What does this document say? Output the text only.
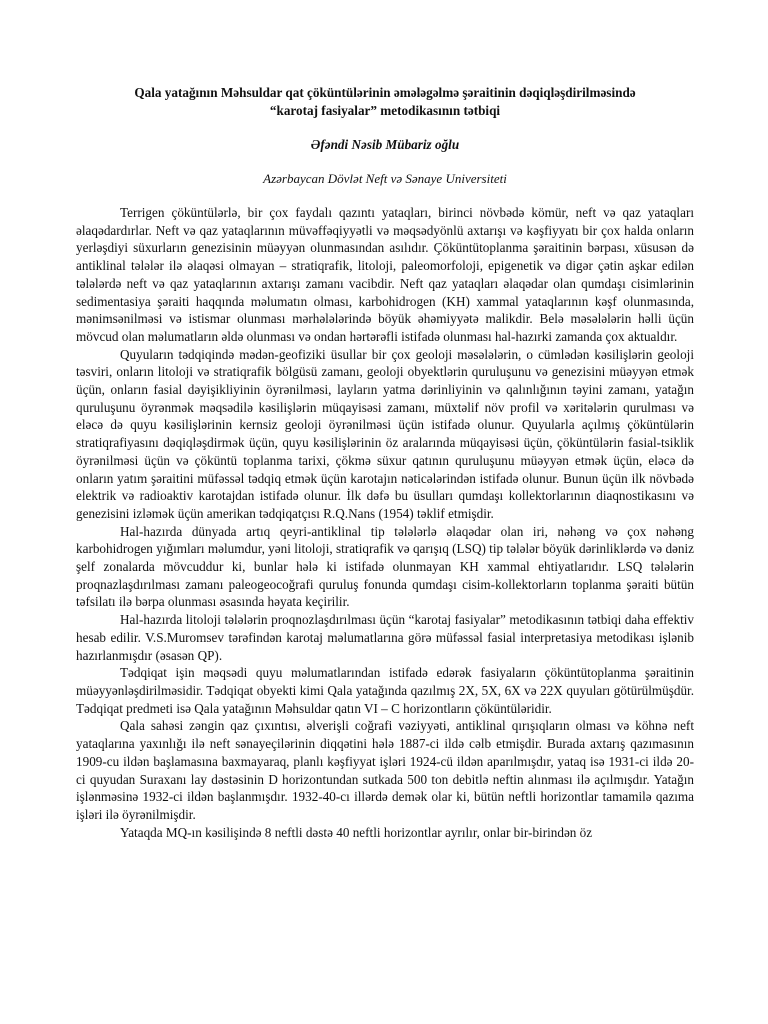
Qala yatağının Məhsuldar qat çöküntülərinin əmələgəlmə şəraitinin dəqiqləşdirilməsində
“karotaj fasiyalar” metodikasının tətbiqi

Əfəndi Nəsib Mübariz oğlu

Azərbaycan Dövlət Neft və Sənaye Universiteti

Terrigen çöküntülərlə, bir çox faydalı qazıntı yataqları, birinci növbədə kömür, neft və qaz yataqları əlaqədardırlar. Neft və qaz yataqlarının müvəffəqiyyətli və məqsədyönlü axtarışı və kəşfiyyatı bir çox halda onların yerləşdiyi süxurların genezisinin müəyyən olunmasından asılıdır. Çöküntütoplanma şəraitinin bərpası, xüsusən də antiklinal tələlər ilə əlaqəsi olmayan – stratiqrafik, litoloji, paleomorfoloji, epigenetik və digər çətin aşkar edilən tələlərdə neft və qaz yataqlarının axtarışı zamanı vacibdir. Neft qaz yataqları əlaqədar olan qumdaşı cisimlərinin sedimentasiya şəraiti haqqında məlumatın olması, karbohidrogen (KH) xammal yataqlarının kəşf olunmasında, mənimsənilməsi və istismar olunması mərhələlərində böyük əhəmiyyətə malikdir. Belə məsələlərin həlli üçün mövcud olan məlumatların əldə olunması və ondan hərtərəfli istifadə olunması hal-hazırki zamanda çox aktualdır.

Quyuların tədqiqində mədən-geofiziki üsullar bir çox geoloji məsələlərin, o cümlədən kəsilişlərin geoloji təsviri, onların litoloji və stratiqrafik bölgüsü zamanı, geoloji obyektlərin quruluşunu və genezisini müəyyən etmək üçün, onların fasial dəyişikliyinin öyrənilməsi, layların yatma dərinliyinin və qalınlığının təyini zamanı, yatağın quruluşunu öyrənmək məqsədilə kəsilişlərin müqayisəsi zamanı, müxtəlif növ profil və xəritələrin qurulması və eləcə də quyu kəsilişlərinin kernsiz geoloji öyrənilməsi üçün istifadə olunur. Quyularla açılmış çöküntülərin stratiqrafiyasını dəqiqləşdirmək üçün, quyu kəsilişlərinin öz aralarında müqayisəsi üçün, çöküntülərin fasial-tsiklik öyrənilməsi üçün və çöküntü toplanma tarixi, çökmə süxur qatının quruluşunu müəyyən etmək üçün, eləcə də onların yatım şəraitini müfəssəl tədqiq etmək üçün karotajın nəticələrindən istifadə olunur. Bunun üçün ilk növbədə elektrik və radioaktiv karotajdan istifadə olunur. İlk dəfə bu üsulları qumdaşı kollektorlarının diaqnostikasını və genezisini izləmək üçün amerikan tədqiqatçısı R.Q.Nans (1954) təklif etmişdir.

Hal-hazırda dünyada artıq qeyri-antiklinal tip tələlərlə əlaqədar olan iri, nəhəng və çox nəhəng karbohidrogen yığımları məlumdur, yəni litoloji, stratiqrafik və qarışıq (LSQ) tip tələlər böyük dərinliklərdə və dəniz şelf zonalarda mövcuddur ki, bunlar hələ ki istifadə olunmayan KH xammal ehtiyatlarıdır. LSQ tələlərin proqnazlaşdırılması zamanı paleogeocoğrafi quruluş fonunda qumdaşı cisim-kollektorların toplanma şəraiti bütün təfsilatı ilə bərpa olunması əsasında həyata keçirilir.

Hal-hazırda litoloji tələlərin proqnozlaşdırılması üçün “karotaj fasiyalar” metodikasının tətbiqi daha effektiv hesab edilir. V.S.Muromsev tərəfindən karotaj məlumatlarına görə müfəssəl fasial interpretasiya metodikası işlənib hazırlanmışdır (əsasən QP).

Tədqiqat işin məqsədi quyu məlumatlarından istifadə edərək fasiyaların çöküntütoplanma şəraitinin müəyyənləşdirilməsidir. Tədqiqat obyekti kimi Qala yatağında qazılmış 2X, 5X, 6X və 22X quyuları götürülmüşdür. Tədqiqat predmeti isə Qala yatağının Məhsuldar qatın VI – C horizontların çöküntüləridir.

Qala sahəsi zəngin qaz çıxıntısı, əlverişli coğrafi vəziyyəti, antiklinal qırışıqların olması və köhnə neft yataqlarına yaxınlığı ilə neft sənayeçilərinin diqqətini hələ 1887-ci ildə cəlb etmişdir. Burada axtarış qazımasının 1909-cu ildən başlamasına baxmayaraq, planlı kəşfiyyat işləri 1924-cü ildən aparılmışdır, yataq isə 1931-ci ildə 20-ci quyudan Suraxanı lay dəstəsinin D horizontundan sutkada 500 ton debitlə neftin alınması ilə açılmışdır. Yatağın işlənməsinə 1932-ci ildən başlanmışdır. 1932-40-cı illərdə demək olar ki, bütün neftli horizontlar tamamilə qazıma işləri ilə öyrənilmişdir.

Yataqda MQ-ın kəsilişində 8 neftli dəstə 40 neftli horizontlar ayrılır, onlar bir-birindən öz
